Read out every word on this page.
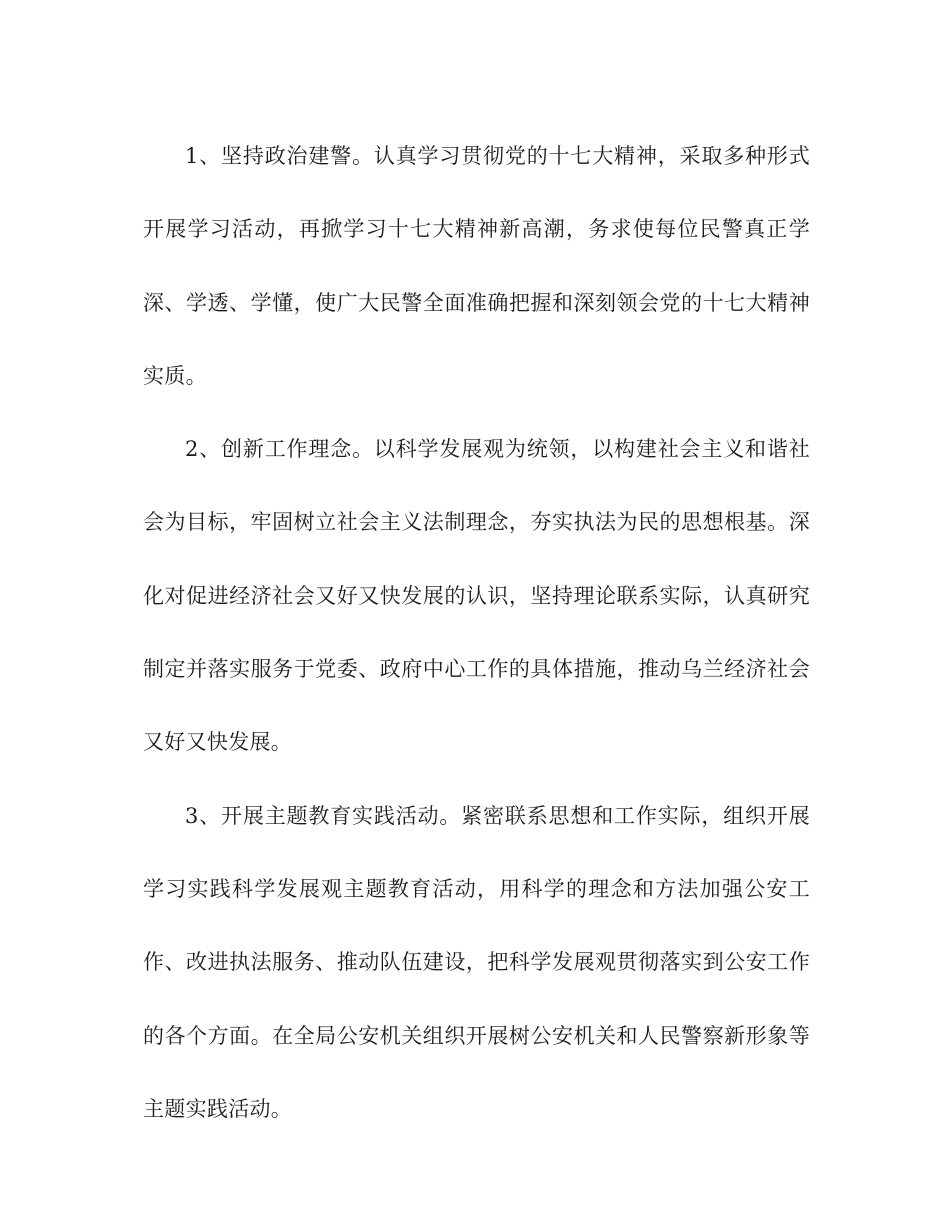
1、坚持政治建警。认真学习贯彻党的十七大精神，采取多种形式开展学习活动，再掀学习十七大精神新高潮，务求使每位民警真正学深、学透、学懂，使广大民警全面准确把握和深刻领会党的十七大精神实质。

2、创新工作理念。以科学发展观为统领，以构建社会主义和谐社会为目标，牢固树立社会主义法制理念，夯实执法为民的思想根基。深化对促进经济社会又好又快发展的认识，坚持理论联系实际，认真研究制定并落实服务于党委、政府中心工作的具体措施，推动乌兰经济社会又好又快发展。

3、开展主题教育实践活动。紧密联系思想和工作实际，组织开展学习实践科学发展观主题教育活动，用科学的理念和方法加强公安工作、改进执法服务、推动队伍建设，把科学发展观贯彻落实到公安工作的各个方面。在全局公安机关组织开展树公安机关和人民警察新形象等主题实践活动。
